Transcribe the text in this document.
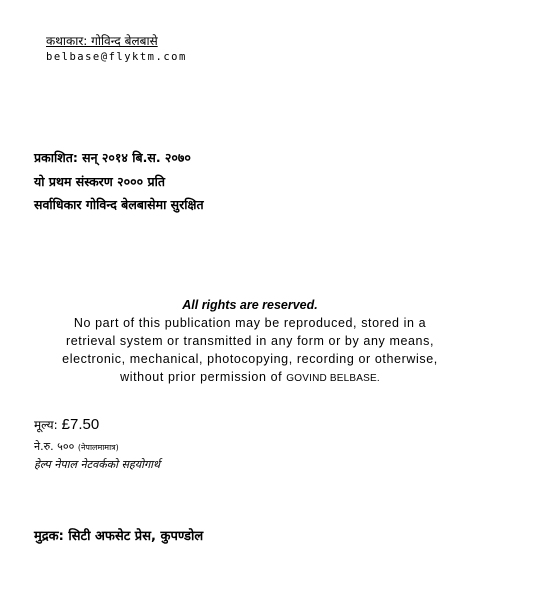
कथाकार: गोविन्द बेलबासे
belbase@flyktm.com
प्रकाशित: सन् २०१४ बि.स. २०७०
यो प्रथम संस्करण २००० प्रति
सर्वाधिकार गोविन्द बेलबासेमा सुरक्षित
All rights are reserved.
No part of this publication may be reproduced, stored in a
retrieval system or transmitted in any form or by any means,
electronic, mechanical, photocopying, recording or otherwise,
without prior permission of GOVIND BELBASE.
मूल्य: £7.50
ने.रु. ५०० (नेपालमामात्र)
हेल्प नेपाल नेटवर्कको सहयोगार्थ
मुद्रक: सिटी अफसेट प्रेस, कुपण्डोल
